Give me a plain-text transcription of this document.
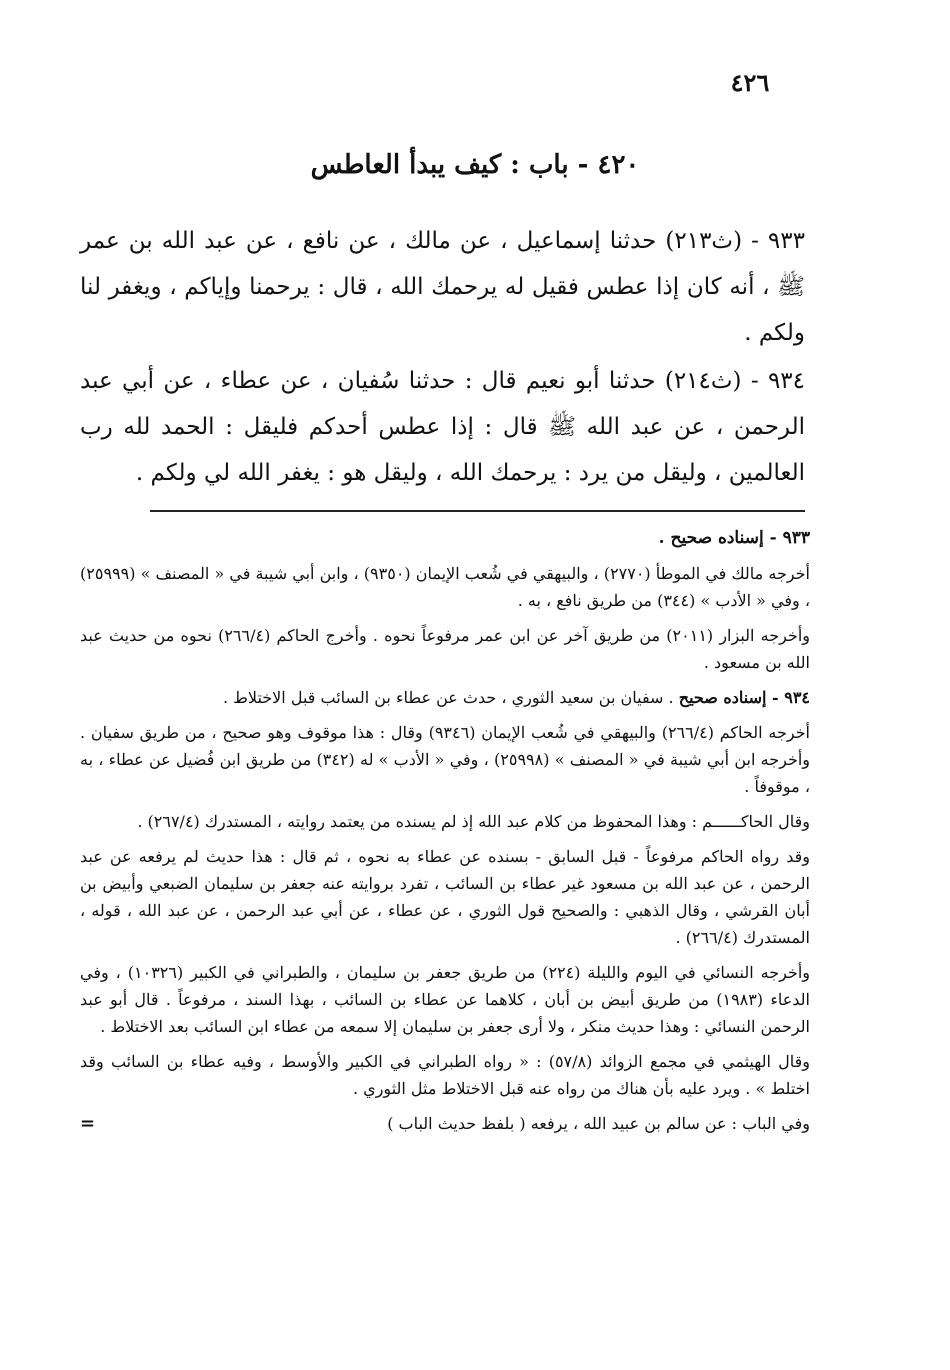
٤٢٦
٤٢٠ - باب : كيف يبدأ العاطس
٩٣٣ - (ث٢١٣) حدثنا إسماعيل ، عن مالك ، عن نافع ، عن عبد الله بن عمر ﷺ ، أنه كان إذا عطس فقيل له يرحمك الله ، قال : يرحمنا وإياكم ، ويغفر لنا ولكم .
٩٣٤ - (ث٢١٤) حدثنا أبو نعيم قال : حدثنا سُفيان ، عن عطاء ، عن أبي عبد الرحمن ، عن عبد الله ﷺ قال : إذا عطس أحدكم فليقل : الحمد لله رب العالمين ، وليقل من يرد : يرحمك الله ، وليقل هو : يغفر الله لي ولكم .

٩٣٣ - إسناده صحيح .

أخرجه مالك في الموطأ (٢٧٧٠) ، والبيهقي في شُعب الإيمان (٩٣٥٠) ، وابن أبي شيبة في « المصنف » (٢٥٩٩٩) ، وفي « الأدب » (٣٤٤) من طريق نافع ، به .

وأخرجه البزار (٢٠١١) من طريق آخر عن ابن عمر مرفوعاً نحوه . وأخرج الحاكم (٢٦٦/٤) نحوه من حديث عبد الله بن مسعود .

٩٣٤ - إسناده صحيح . سفيان بن سعيد الثوري ، حدث عن عطاء بن السائب قبل الاختلاط .

أخرجه الحاكم (٢٦٦/٤) والبيهقي في شُعب الإيمان (٩٣٤٦) وقال : هذا موقوف وهو صحيح ، من طريق سفيان . وأخرجه ابن أبي شيبة في « المصنف » (٢٥٩٩٨) ، وفي « الأدب » له (٣٤٢) من طريق ابن فُضيل عن عطاء ، به ، موقوفاً .

وقال الحاكــــــم : وهذا المحفوظ من كلام عبد الله إذ لم يسنده من يعتمد روايته ، المستدرك (٢٦٧/٤) .

وقد رواه الحاكم مرفوعاً - قبل السابق - بسنده عن عطاء به نحوه ، ثم قال : هذا حديث لم يرفعه عن عبد الرحمن ، عن عبد الله بن مسعود غير عطاء بن السائب ، تفرد بروايته عنه جعفر بن سليمان الضبعي وأبيض بن أبان القرشي ، وقال الذهبي : والصحيح قول الثوري ، عن عطاء ، عن أبي عبد الرحمن ، عن عبد الله ، قوله ، المستدرك (٢٦٦/٤) .

وأخرجه النسائي في اليوم والليلة (٢٢٤) من طريق جعفر بن سليمان ، والطبراني في الكبير (١٠٣٢٦) ، وفي الدعاء (١٩٨٣) من طريق أبيض بن أبان ، كلاهما عن عطاء بن السائب ، بهذا السند ، مرفوعاً . قال أبو عبد الرحمن النسائي : وهذا حديث منكر ، ولا أرى جعفر بن سليمان إلا سمعه من عطاء ابن السائب بعد الاختلاط .

وقال الهيثمي في مجمع الزوائد (٥٧/٨) : « رواه الطبراني في الكبير والأوسط ، وفيه عطاء بن السائب وقد اختلط » . ويرد عليه بأن هناك من رواه عنه قبل الاختلاط مثل الثوري .

وفي الباب : عن سالم بن عبيد الله ، يرفعه ( بلفظ حديث الباب )
=
